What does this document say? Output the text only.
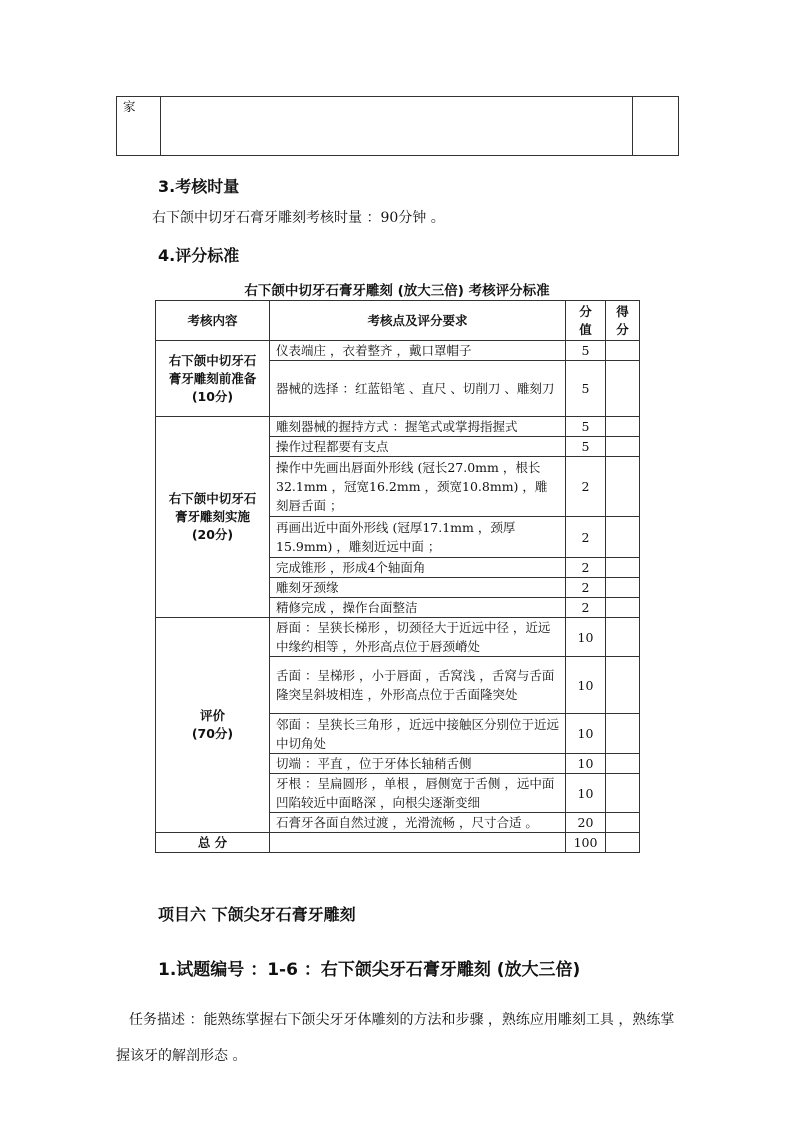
家		
3.考核时量
右下颌中切牙石膏牙雕刻考核时量 ：90分钟 。
4.评分标准
右下颌中切牙石膏牙雕刻 (放大三倍) 考核评分标准
考核内容	考核点及评分要求	分值	得分

右下颌中切牙石膏牙雕刻前准备
(10分)	仪表端庄 ，衣着整齐 ，戴口罩帽子	5	
	器械的选择 ：红蓝铅笔 、直尺 、切削刀 、雕刻刀	5	

右下颌中切牙石膏牙雕刻实施
(20分)	雕刻器械的握持方式 ：握笔式或掌拇指握式	5	
	操作过程都要有支点	5	
	操作中先画出唇面外形线 (冠长27.0mm ，根长32.1mm ，冠宽16.2mm ，颈宽10.8mm) ，雕刻唇舌面 ；	2	
	再画出近中面外形线 (冠厚17.1mm ，颈厚15.9mm) ，雕刻近远中面 ；	2	
	完成锥形 ，形成4个轴面角	2	
	雕刻牙颈缘	2	
	精修完成 ，操作台面整洁	2	

评价
(70分)	唇面 ：呈狭长梯形 ，切颈径大于近远中径 ，近远中缘约相等 ，外形高点位于唇颈嵴处	10	
	舌面 ：呈梯形 ，小于唇面 ，舌窝浅 ，舌窝与舌面隆突呈斜坡相连 ，外形高点位于舌面隆突处	10	
	邻面 ：呈狭长三角形 ，近远中接触区分别位于近远中切角处	10	
	切端 ：平直 ，位于牙体长轴稍舌侧	10	
	牙根 ：呈扁圆形 ，单根 ，唇侧宽于舌侧 ，远中面凹陷较近中面略深 ，向根尖逐渐变细	10	
	石膏牙各面自然过渡 ，光滑流畅 ，尺寸合适 。	20	
总 分		100	
项目六 下颌尖牙石膏牙雕刻
1.试题编号 ：1-6 ：右下颌尖牙石膏牙雕刻 (放大三倍)
任务描述 ：能熟练掌握右下颌尖牙牙体雕刻的方法和步骤 ，熟练应用雕刻工具 ，熟练掌握该牙的解剖形态 。
